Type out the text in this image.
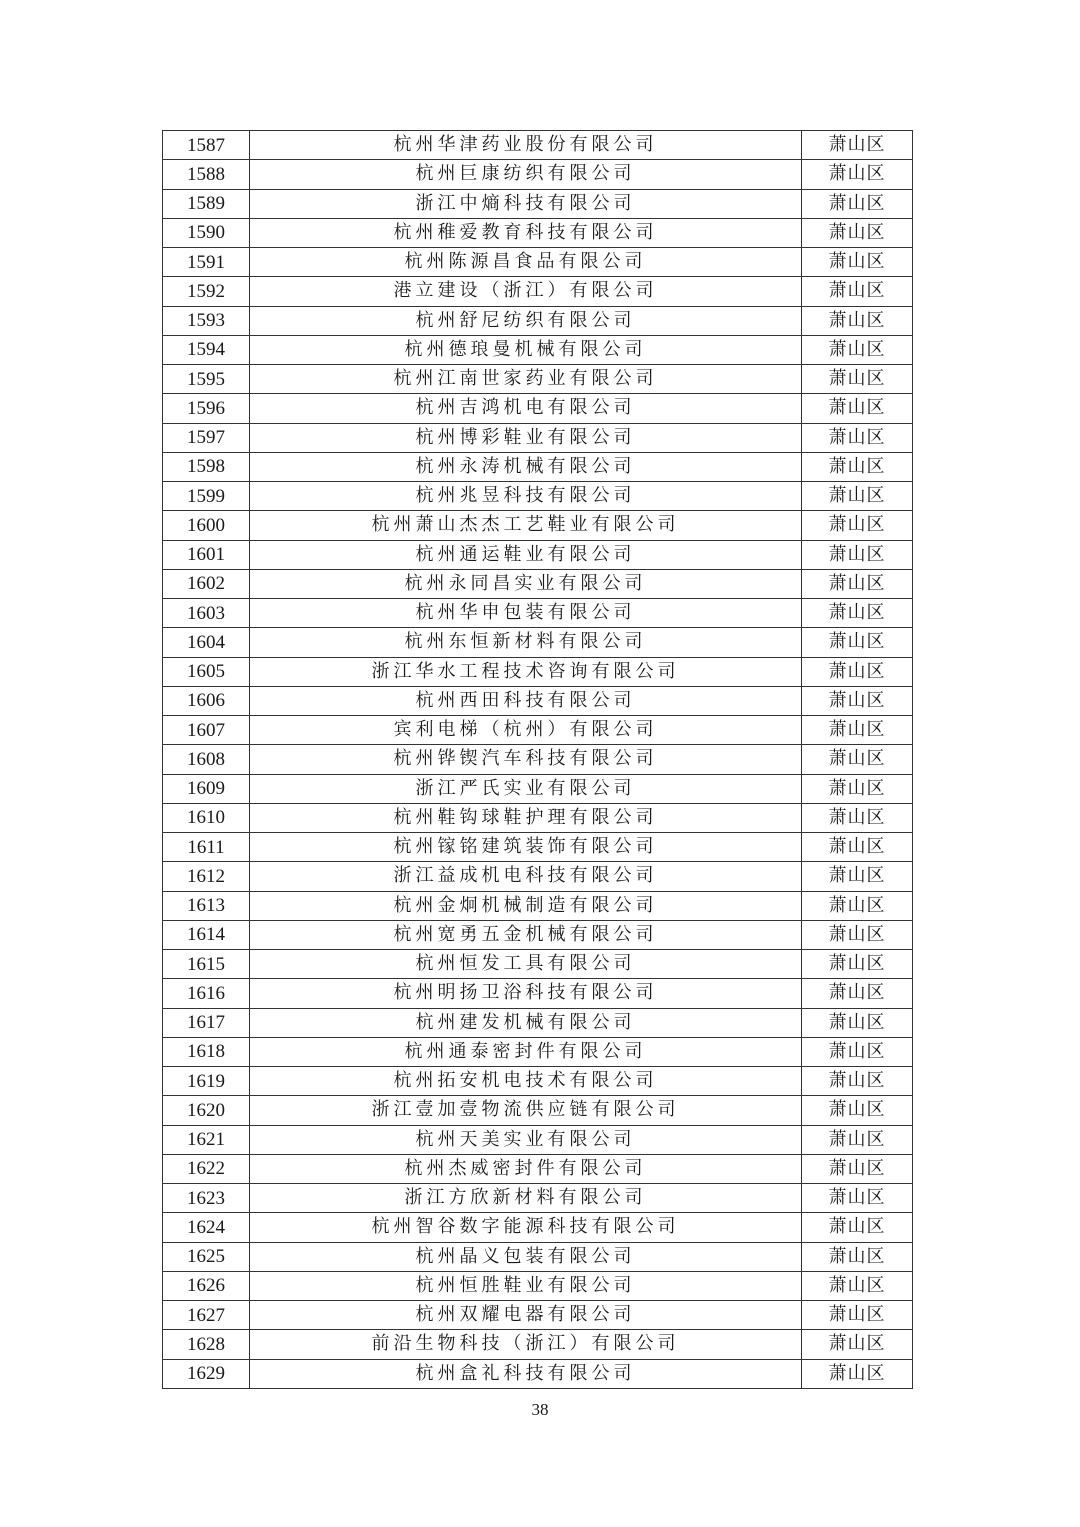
1587	杭州华津药业股份有限公司	萧山区
1588	杭州巨康纺织有限公司	萧山区
1589	浙江中熵科技有限公司	萧山区
1590	杭州稚爱教育科技有限公司	萧山区
1591	杭州陈源昌食品有限公司	萧山区
1592	港立建设（浙江）有限公司	萧山区
1593	杭州舒尼纺织有限公司	萧山区
1594	杭州德琅曼机械有限公司	萧山区
1595	杭州江南世家药业有限公司	萧山区
1596	杭州吉鸿机电有限公司	萧山区
1597	杭州博彩鞋业有限公司	萧山区
1598	杭州永涛机械有限公司	萧山区
1599	杭州兆昱科技有限公司	萧山区
1600	杭州萧山杰杰工艺鞋业有限公司	萧山区
1601	杭州通运鞋业有限公司	萧山区
1602	杭州永同昌实业有限公司	萧山区
1603	杭州华申包装有限公司	萧山区
1604	杭州东恒新材料有限公司	萧山区
1605	浙江华水工程技术咨询有限公司	萧山区
1606	杭州西田科技有限公司	萧山区
1607	宾利电梯（杭州）有限公司	萧山区
1608	杭州铧锲汽车科技有限公司	萧山区
1609	浙江严氏实业有限公司	萧山区
1610	杭州鞋钩球鞋护理有限公司	萧山区
1611	杭州镓铭建筑装饰有限公司	萧山区
1612	浙江益成机电科技有限公司	萧山区
1613	杭州金炯机械制造有限公司	萧山区
1614	杭州宽勇五金机械有限公司	萧山区
1615	杭州恒发工具有限公司	萧山区
1616	杭州明扬卫浴科技有限公司	萧山区
1617	杭州建发机械有限公司	萧山区
1618	杭州通泰密封件有限公司	萧山区
1619	杭州拓安机电技术有限公司	萧山区
1620	浙江壹加壹物流供应链有限公司	萧山区
1621	杭州天美实业有限公司	萧山区
1622	杭州杰威密封件有限公司	萧山区
1623	浙江方欣新材料有限公司	萧山区
1624	杭州智谷数字能源科技有限公司	萧山区
1625	杭州晶义包装有限公司	萧山区
1626	杭州恒胜鞋业有限公司	萧山区
1627	杭州双耀电器有限公司	萧山区
1628	前沿生物科技（浙江）有限公司	萧山区
1629	杭州盒礼科技有限公司	萧山区
38
